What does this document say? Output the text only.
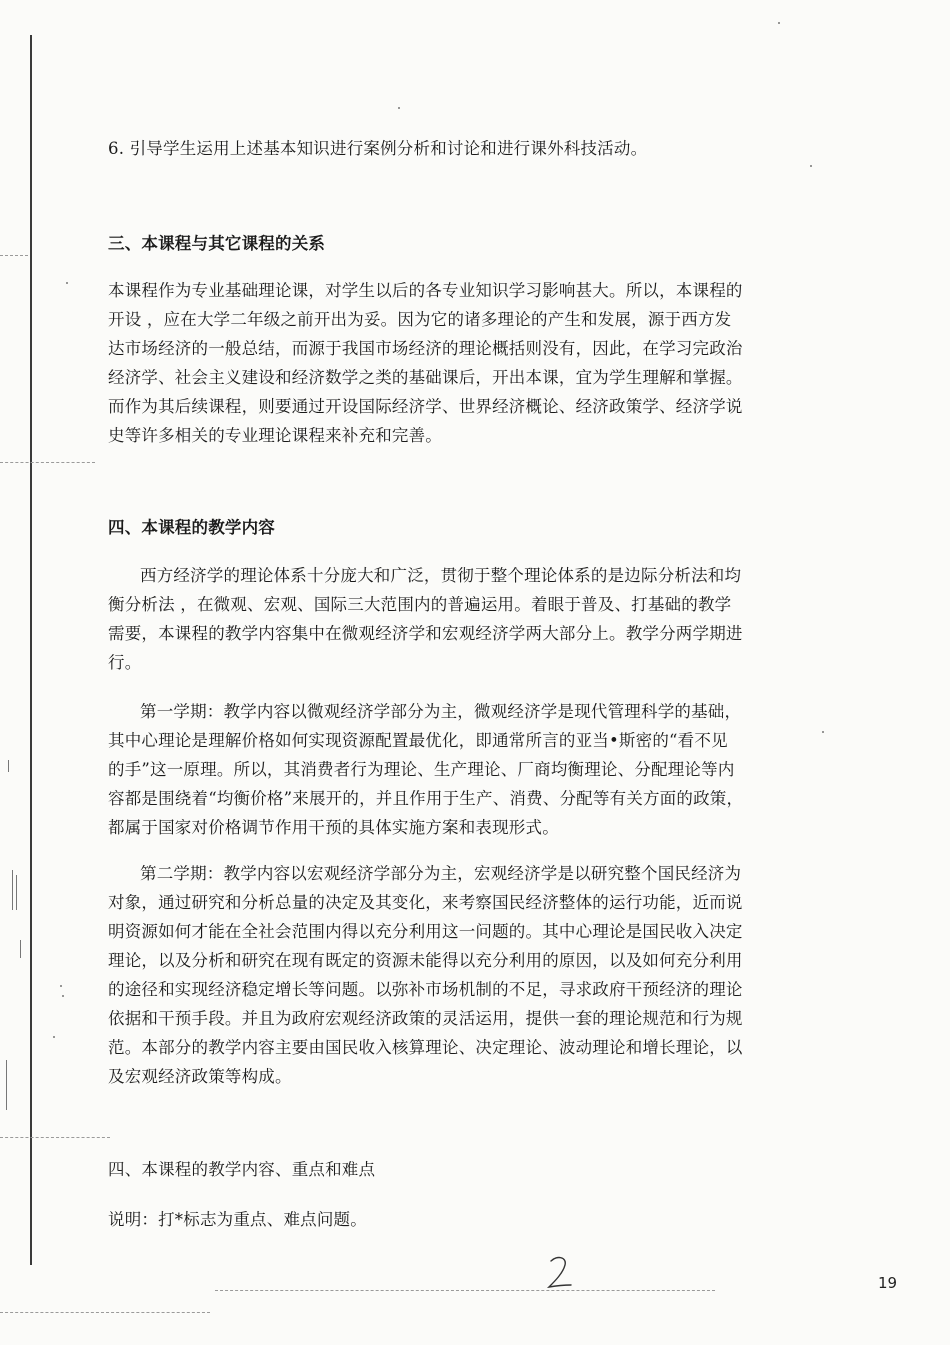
6. 引导学生运用上述基本知识进行案例分析和讨论和进行课外科技活动。
三、本课程与其它课程的关系
本课程作为专业基础理论课，对学生以后的各专业知识学习影响甚大。所以，本课程的
开设 ，应在大学二年级之前开出为妥。因为它的诸多理论的产生和发展，源于西方发
达市场经济的一般总结，而源于我国市场经济的理论概括则没有，因此，在学习完政治
经济学、社会主义建设和经济数学之类的基础课后，开出本课，宜为学生理解和掌握。
而作为其后续课程，则要通过开设国际经济学、世界经济概论、经济政策学、经济学说
史等许多相关的专业理论课程来补充和完善。
四、本课程的教学内容
西方经济学的理论体系十分庞大和广泛，贯彻于整个理论体系的是边际分析法和均
衡分析法 ，在微观、宏观、国际三大范围内的普遍运用。着眼于普及、打基础的教学
需要，本课程的教学内容集中在微观经济学和宏观经济学两大部分上。教学分两学期进
行。
第一学期：教学内容以微观经济学部分为主，微观经济学是现代管理科学的基础，
其中心理论是理解价格如何实现资源配置最优化，即通常所言的亚当•斯密的“看不见
的手”这一原理。所以，其消费者行为理论、生产理论、厂商均衡理论、分配理论等内
容都是围绕着“均衡价格”来展开的，并且作用于生产、消费、分配等有关方面的政策，
都属于国家对价格调节作用干预的具体实施方案和表现形式。
第二学期：教学内容以宏观经济学部分为主，宏观经济学是以研究整个国民经济为
对象，通过研究和分析总量的决定及其变化，来考察国民经济整体的运行功能，近而说
明资源如何才能在全社会范围内得以充分利用这一问题的。其中心理论是国民收入决定
理论，以及分析和研究在现有既定的资源未能得以充分利用的原因，以及如何充分利用
的途径和实现经济稳定增长等问题。以弥补市场机制的不足，寻求政府干预经济的理论
依据和干预手段。并且为政府宏观经济政策的灵活运用，提供一套的理论规范和行为规
范。本部分的教学内容主要由国民收入核算理论、决定理论、波动理论和增长理论，以
及宏观经济政策等构成。
四、本课程的教学内容、重点和难点
说明：打*标志为重点、难点问题。
19
